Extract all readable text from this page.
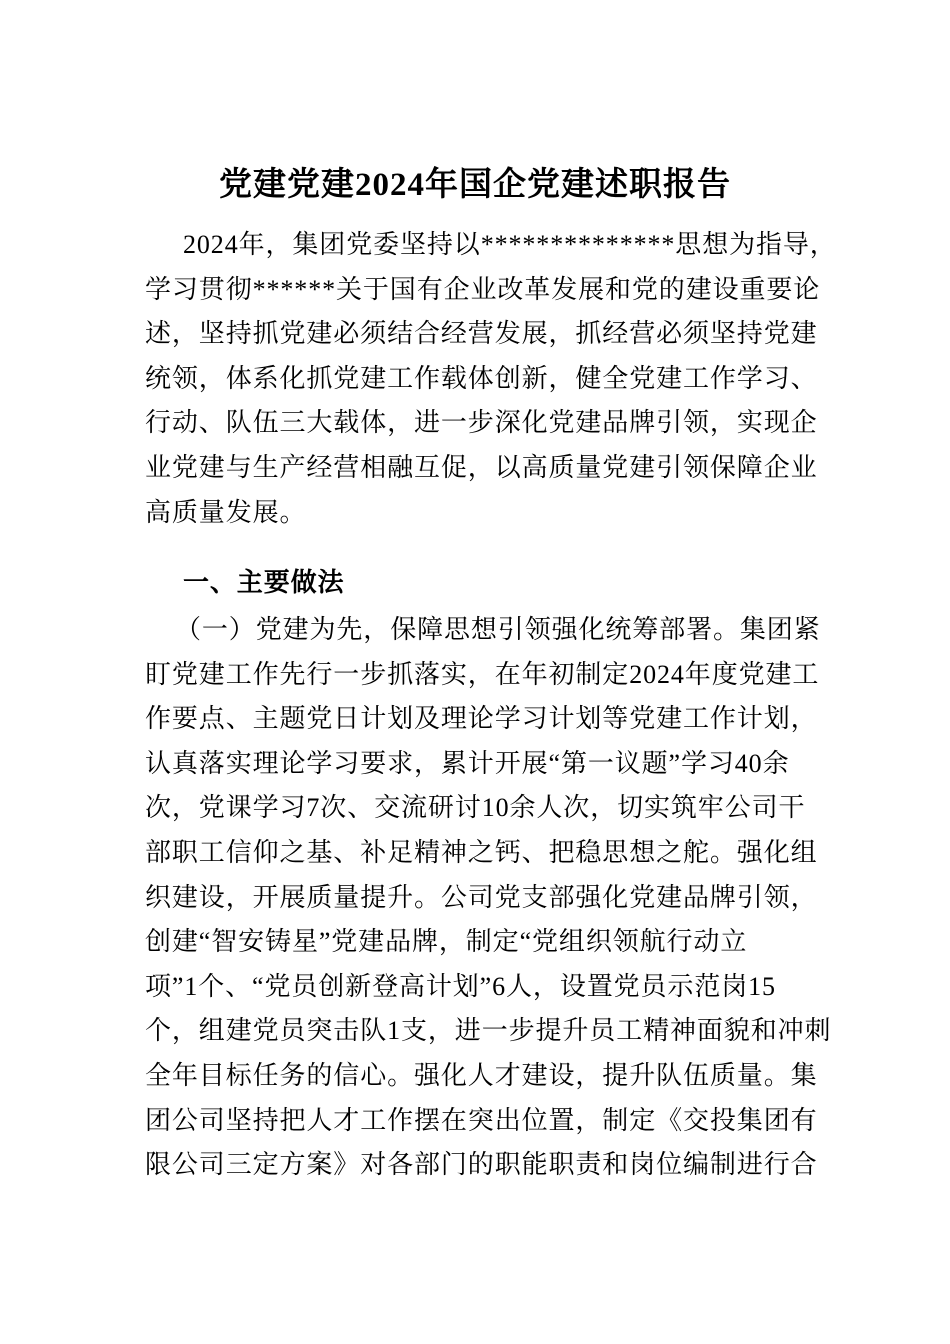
党建党建2024年国企党建述职报告
2024年，集团党委坚持以**************思想为指导，
学习贯彻******关于国有企业改革发展和党的建设重要论
述，坚持抓党建必须结合经营发展，抓经营必须坚持党建
统领，体系化抓党建工作载体创新，健全党建工作学习、
行动、队伍三大载体，进一步深化党建品牌引领，实现企
业党建与生产经营相融互促，以高质量党建引领保障企业
高质量发展。
一、主要做法
（一）党建为先，保障思想引领强化统筹部署。集团紧
盯党建工作先行一步抓落实，在年初制定2024年度党建工
作要点、主题党日计划及理论学习计划等党建工作计划，
认真落实理论学习要求，累计开展“第一议题”学习40余
次，党课学习7次、交流研讨10余人次，切实筑牢公司干
部职工信仰之基、补足精神之钙、把稳思想之舵。强化组
织建设，开展质量提升。公司党支部强化党建品牌引领，
创建“智安铸星”党建品牌，制定“党组织领航行动立
项”1个、“党员创新登高计划”6人，设置党员示范岗15
个，组建党员突击队1支，进一步提升员工精神面貌和冲刺
全年目标任务的信心。强化人才建设，提升队伍质量。集
团公司坚持把人才工作摆在突出位置，制定《交投集团有
限公司三定方案》对各部门的职能职责和岗位编制进行合
